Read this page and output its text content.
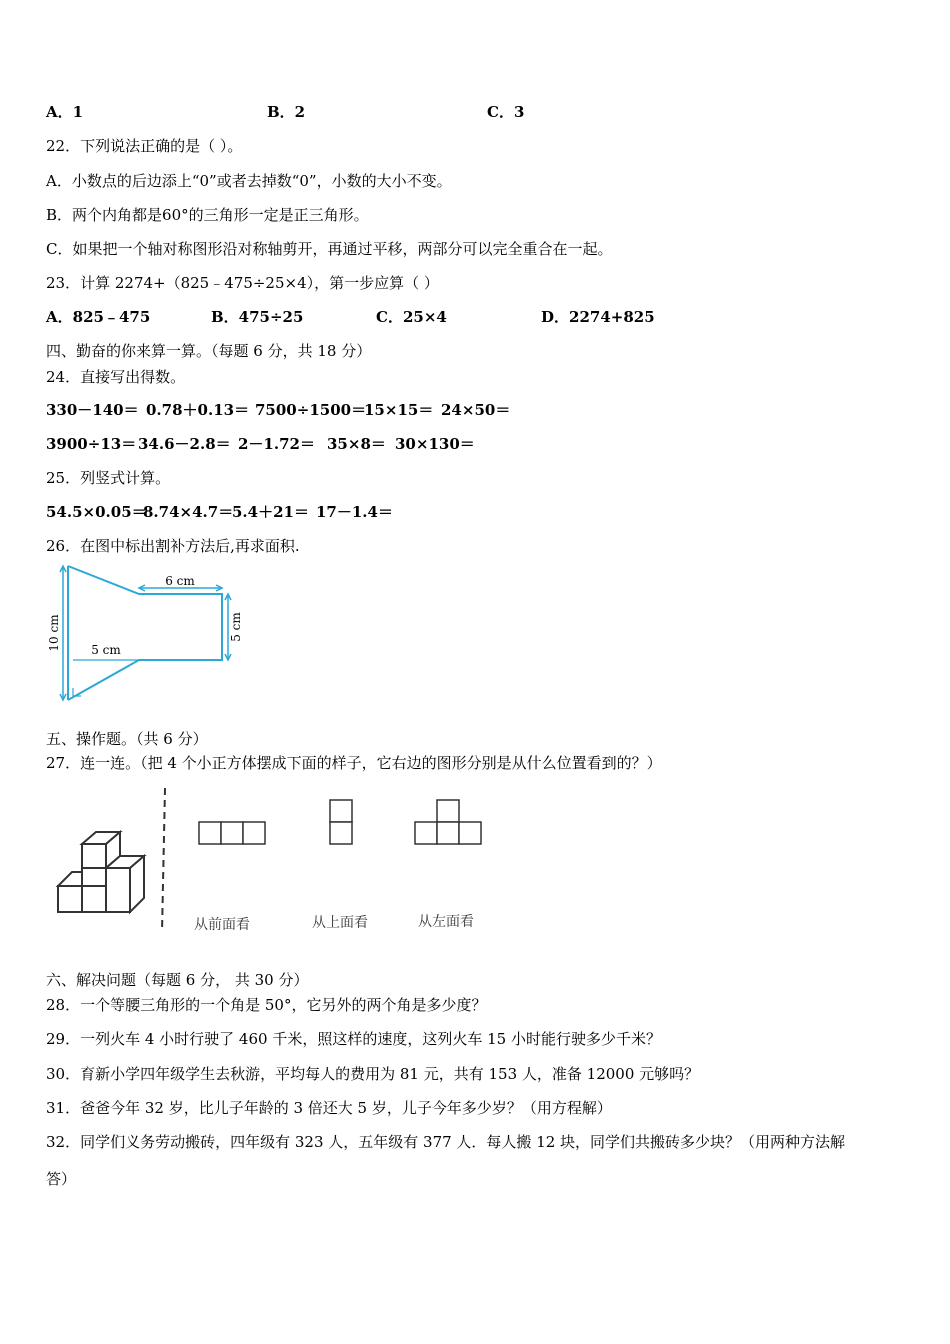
A．1	B．2	C．3
22．下列说法正确的是（ ）。
A．小数点的后边添上“0”或者去掉数“0”，小数的大小不变。
B．两个内角都是60°的三角形一定是正三角形。
C．如果把一个轴对称图形沿对称轴剪开，再通过平移，两部分可以完全重合在一起。
23．计算 2274+（825﹣475÷25×4），第一步应算（ ）
A．825﹣475	B．475÷25	C．25×4	D．2274+825
四、勤奋的你来算一算。（每题 6 分，共 18 分）
24．直接写出得数。
330－140＝ 0.78＋0.13＝ 7500÷1500＝
15×15＝ 24×50＝
3900÷13＝ 34.6－2.8＝ 2－1.72＝ 35×8＝ 30×130＝
25．列竖式计算。
54.5×0.05＝
8.74×4.7＝
5.4＋21＝ 17－1.4＝
26．在图中标出割补方法后,再求面积.
6 cm
10 cm	5 cm
5 cm
五、操作题。（共 6 分）
27．连一连。（把 4 个小正方体摆成下面的样子，它右边的图形分别是从什么位置看到的？）
从前面看	从上面看	从左面看
六、解决问题（每题 6 分， 共 30 分）
28．一个等腰三角形的一个角是 50°，它另外的两个角是多少度？
29．一列火车 4 小时行驶了 460 千米，照这样的速度，这列火车 15 小时能行驶多少千米？
30．育新小学四年级学生去秋游，平均每人的费用为 81 元，共有 153 人，准备 12000 元够吗？
31．爸爸今年 32 岁，比儿子年龄的 3 倍还大 5 岁，儿子今年多少岁？（用方程解）
32．同学们义务劳动搬砖，四年级有 323 人，五年级有 377 人．每人搬 12 块，同学们共搬砖多少块？（用两种方法解
答）
